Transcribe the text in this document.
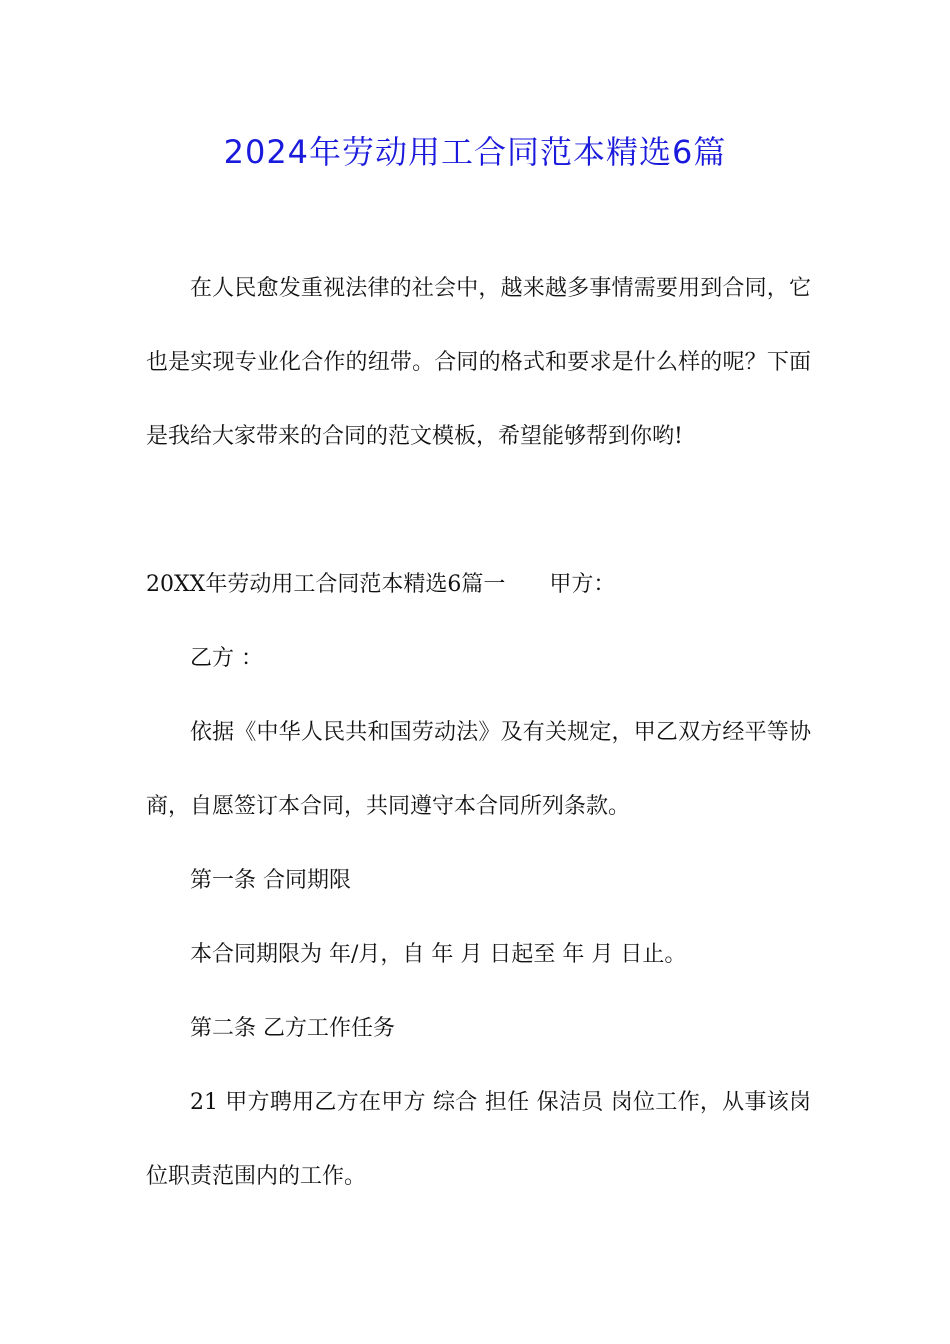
2024年劳动用工合同范本精选6篇

在人民愈发重视法律的社会中，越来越多事情需要用到合同，它也是实现专业化合作的纽带。合同的格式和要求是什么样的呢？下面是我给大家带来的合同的范文模板，希望能够帮到你哟!

20XX年劳动用工合同范本精选6篇一　　甲方：

乙方 ：

依据《中华人民共和国劳动法》及有关规定，甲乙双方经平等协商，自愿签订本合同，共同遵守本合同所列条款。

第一条 合同期限

本合同期限为 年/月，自 年 月 日起至 年 月 日止。

第二条 乙方工作任务

21 甲方聘用乙方在甲方 综合 担任 保洁员 岗位工作，从事该岗位职责范围内的工作。
